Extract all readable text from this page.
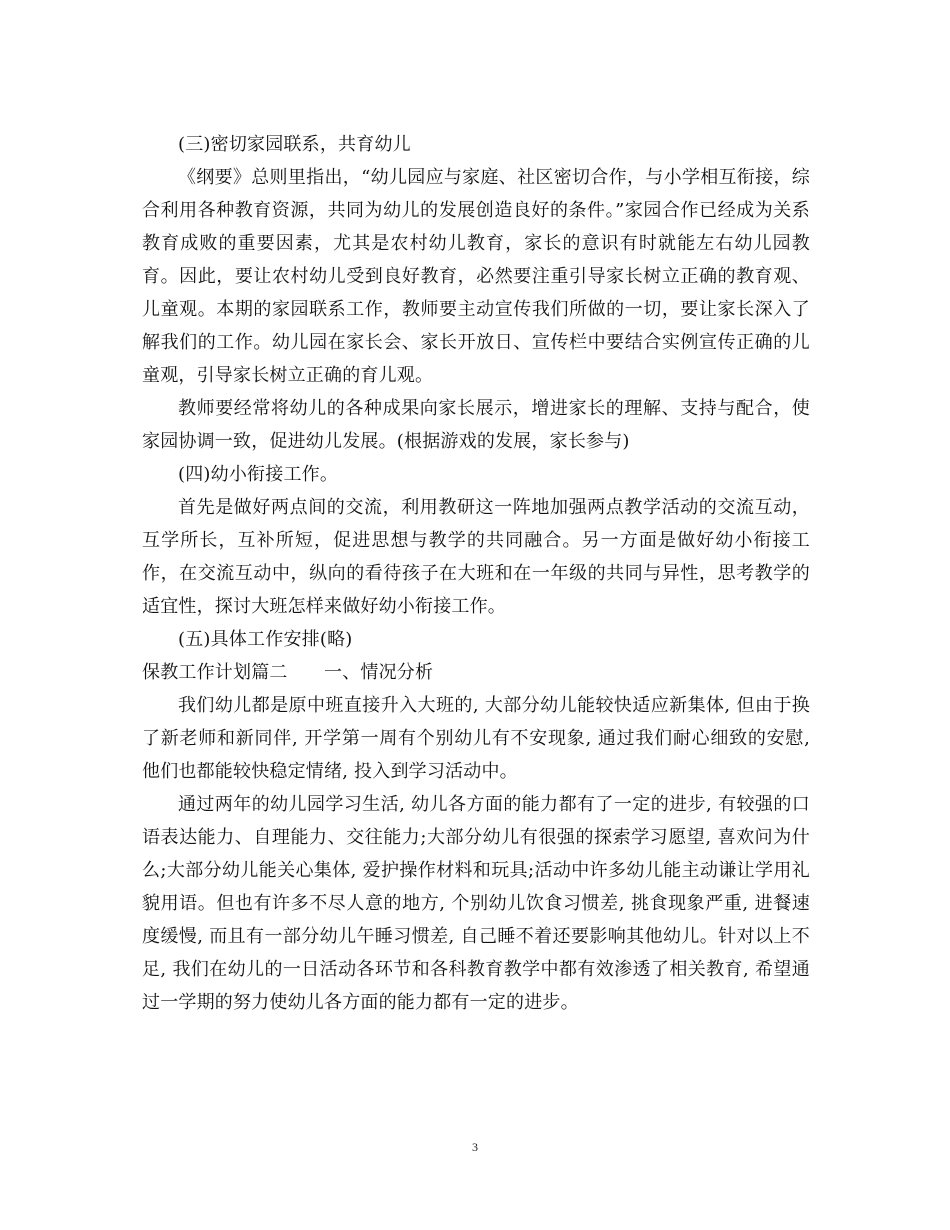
(三)密切家园联系，共育幼儿

《纲要》总则里指出，“幼儿园应与家庭、社区密切合作，与小学相互衔接，综合利用各种教育资源，共同为幼儿的发展创造良好的条件。”家园合作已经成为关系教育成败的重要因素，尤其是农村幼儿教育，家长的意识有时就能左右幼儿园教育。因此，要让农村幼儿受到良好教育，必然要注重引导家长树立正确的教育观、儿童观。本期的家园联系工作，教师要主动宣传我们所做的一切，要让家长深入了解我们的工作。幼儿园在家长会、家长开放日、宣传栏中要结合实例宣传正确的儿童观，引导家长树立正确的育儿观。

教师要经常将幼儿的各种成果向家长展示，增进家长的理解、支持与配合，使家园协调一致，促进幼儿发展。(根据游戏的发展，家长参与)

(四)幼小衔接工作。

首先是做好两点间的交流，利用教研这一阵地加强两点教学活动的交流互动，互学所长，互补所短，促进思想与教学的共同融合。另一方面是做好幼小衔接工作，在交流互动中，纵向的看待孩子在大班和在一年级的共同与异性，思考教学的适宜性，探讨大班怎样来做好幼小衔接工作。

(五)具体工作安排(略)

保教工作计划篇二　　一、情况分析

我们幼儿都是原中班直接升入大班的, 大部分幼儿能较快适应新集体, 但由于换了新老师和新同伴, 开学第一周有个别幼儿有不安现象, 通过我们耐心细致的安慰, 他们也都能较快稳定情绪, 投入到学习活动中。

通过两年的幼儿园学习生活, 幼儿各方面的能力都有了一定的进步, 有较强的口语表达能力、自理能力、交往能力;大部分幼儿有很强的探索学习愿望, 喜欢问为什么;大部分幼儿能关心集体, 爱护操作材料和玩具;活动中许多幼儿能主动谦让学用礼貌用语。但也有许多不尽人意的地方, 个别幼儿饮食习惯差, 挑食现象严重, 进餐速度缓慢, 而且有一部分幼儿午睡习惯差, 自己睡不着还要影响其他幼儿。针对以上不足, 我们在幼儿的一日活动各环节和各科教育教学中都有效渗透了相关教育, 希望通过一学期的努力使幼儿各方面的能力都有一定的进步。

3
